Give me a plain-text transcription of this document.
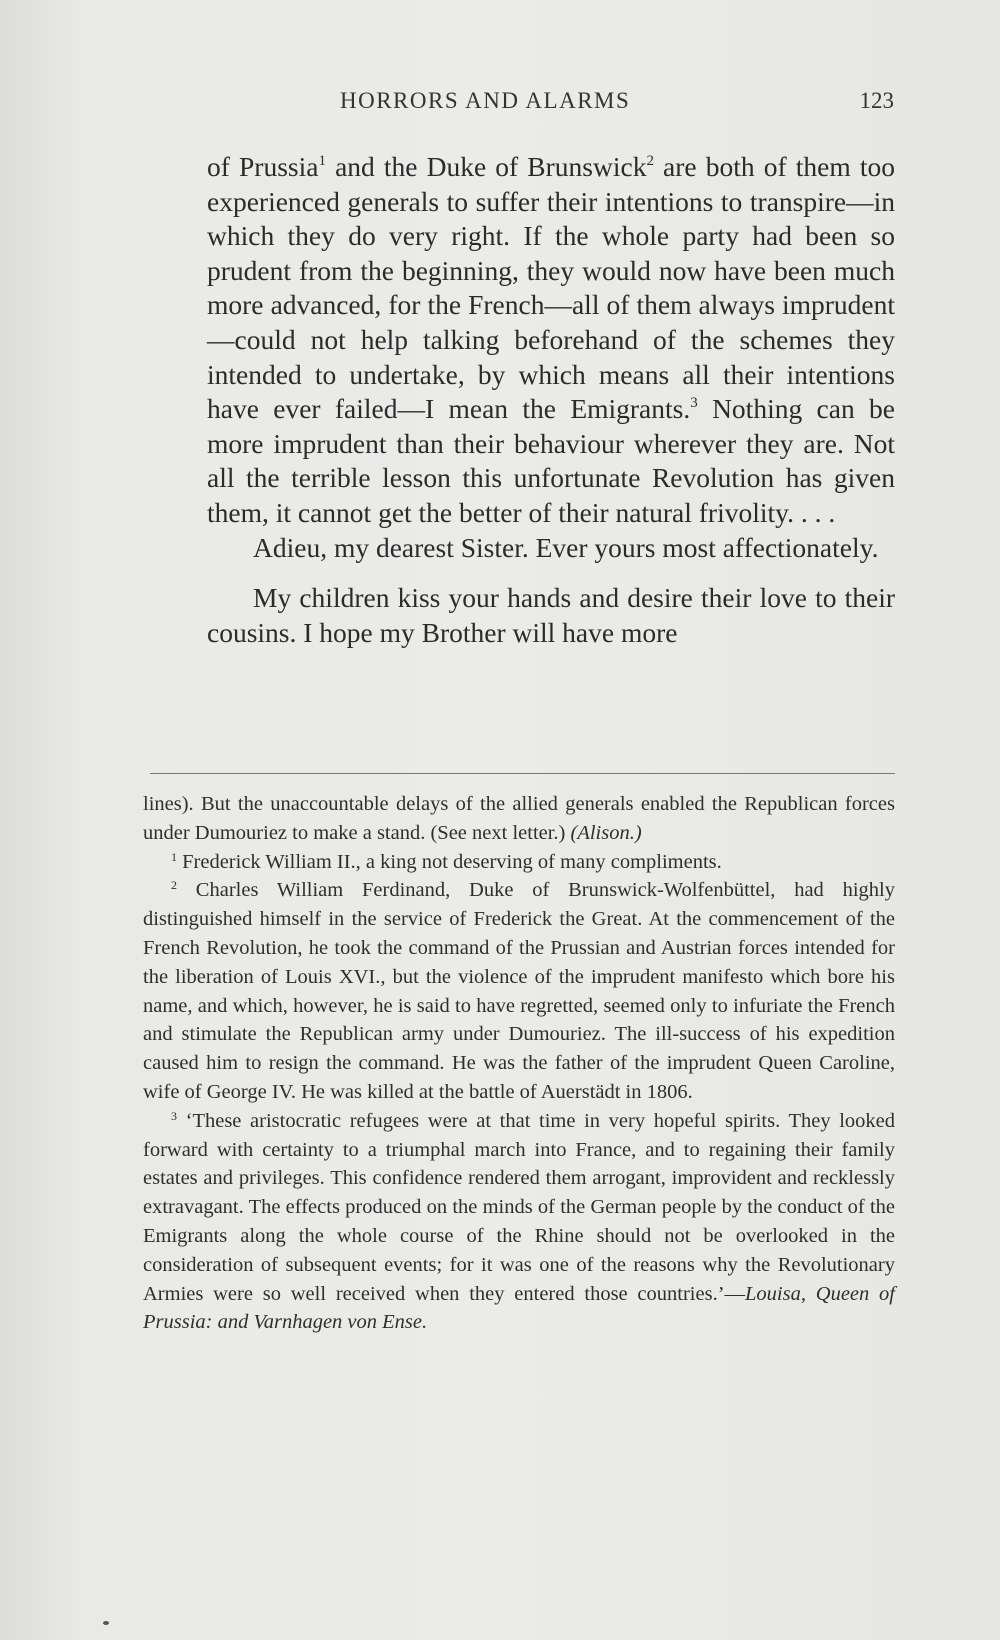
HORRORS AND ALARMS	123

of Prussia$^1$ and the Duke of Brunswick$^2$ are both of them too experienced generals to suffer their intentions to transpire—in which they do very right. If the whole party had been so prudent from the beginning, they would now have been much more advanced, for the French—all of them always imprudent —could not help talking beforehand of the schemes they intended to undertake, by which means all their intentions have ever failed—I mean the Emigrants.$^3$ Nothing can be more imprudent than their behaviour wherever they are. Not all the terrible lesson this unfortunate Revolution has given them, it cannot get the better of their natural frivolity. . . .

Adieu, my dearest Sister. Ever yours most affectionately.

My children kiss your hands and desire their love to their cousins. I hope my Brother will have more

lines). But the unaccountable delays of the allied generals enabled the Republican forces under Dumouriez to make a stand. (See next letter.) (Alison.)

$^1$ Frederick William II., a king not deserving of many compliments.

$^2$ Charles William Ferdinand, Duke of Brunswick-Wolfenbüttel, had highly distinguished himself in the service of Frederick the Great. At the commencement of the French Revolution, he took the command of the Prussian and Austrian forces intended for the liberation of Louis XVI., but the violence of the imprudent manifesto which bore his name, and which, however, he is said to have regretted, seemed only to infuriate the French and stimulate the Republican army under Dumouriez. The ill-success of his expedition caused him to resign the command. He was the father of the imprudent Queen Caroline, wife of George IV. He was killed at the battle of Auerstädt in 1806.

$^3$ ‘These aristocratic refugees were at that time in very hopeful spirits. They looked forward with certainty to a triumphal march into France, and to regaining their family estates and privileges. This confidence rendered them arrogant, improvident and recklessly extravagant. The effects produced on the minds of the German people by the conduct of the Emigrants along the whole course of the Rhine should not be overlooked in the consideration of subsequent events; for it was one of the reasons why the Revolutionary Armies were so well received when they entered those countries.’—Louisa, Queen of Prussia: and Varnhagen von Ense.
